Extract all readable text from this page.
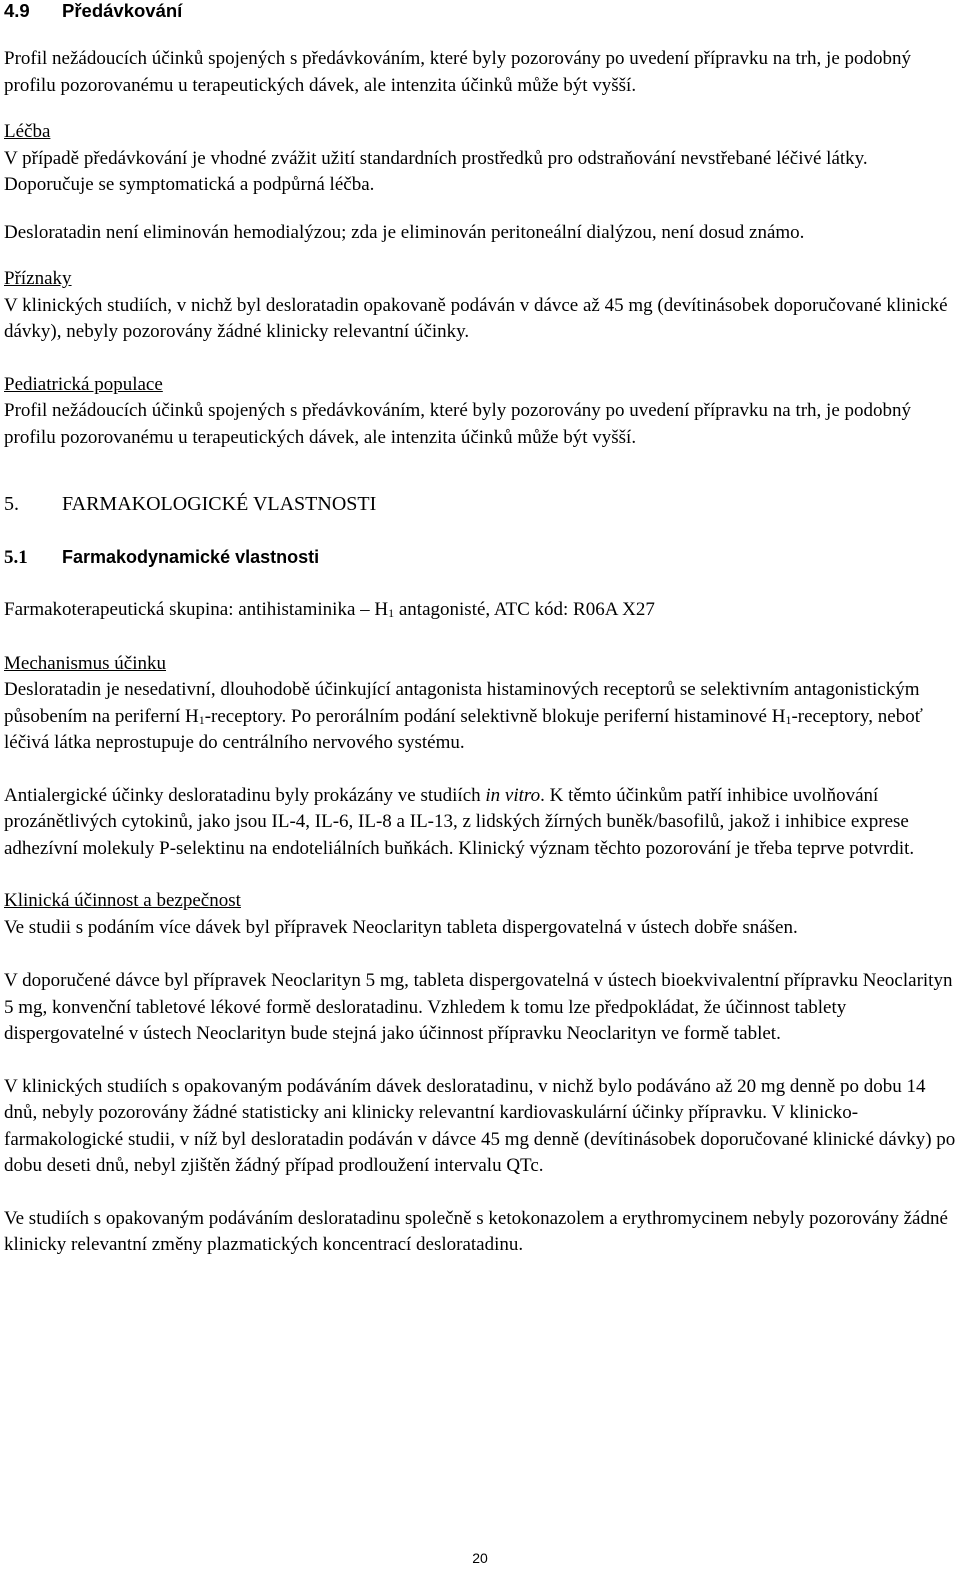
4.9 Předávkování

Profil nežádoucích účinků spojených s předávkováním, které byly pozorovány po uvedení přípravku na trh, je podobný profilu pozorovanému u terapeutických dávek, ale intenzita účinků může být vyšší.

Léčba

V případě předávkování je vhodné zvážit užití standardních prostředků pro odstraňování nevstřebané léčivé látky. Doporučuje se symptomatická a podpůrná léčba.

Desloratadin není eliminován hemodialýzou; zda je eliminován peritoneální dialýzou, není dosud známo.

Příznaky

V klinických studiích, v nichž byl desloratadin opakovaně podáván v dávce až 45 mg (devítinásobek doporučované klinické dávky), nebyly pozorovány žádné klinicky relevantní účinky.

Pediatrická populace

Profil nežádoucích účinků spojených s předávkováním, které byly pozorovány po uvedení přípravku na trh, je podobný profilu pozorovanému u terapeutických dávek, ale intenzita účinků může být vyšší.

5. FARMAKOLOGICKÉ VLASTNOSTI
5.1 Farmakodynamické vlastnosti

Farmakoterapeutická skupina: antihistaminika – $H_1$ antagonisté, ATC kód: R06A X27

Mechanismus účinku

Desloratadin je nesedativní, dlouhodobě účinkující antagonista histaminových receptorů se selektivním antagonistickým působením na periferní $H_1$-receptory. Po perorálním podání selektivně blokuje periferní histaminové $H_1$-receptory, neboť léčivá látka neprostupuje do centrálního nervového systému.

Antialergické účinky desloratadinu byly prokázány ve studiích in vitro. K těmto účinkům patří inhibice uvolňování prozánětlivých cytokinů, jako jsou IL-4, IL-6, IL-8 a IL-13, z lidských žírných buněk/basofilů, jakož i inhibice exprese adhezívní molekuly P-selektinu na endoteliálních buňkách. Klinický význam těchto pozorování je třeba teprve potvrdit.

Klinická účinnost a bezpečnost

Ve studii s podáním více dávek byl přípravek Neoclarityn tableta dispergovatelná v ústech dobře snášen.

V doporučené dávce byl přípravek Neoclarityn 5 mg, tableta dispergovatelná v ústech bioekvivalentní přípravku Neoclarityn 5 mg, konvenční tabletové lékové formě desloratadinu. Vzhledem k tomu lze předpokládat, že účinnost tablety dispergovatelné v ústech Neoclarityn bude stejná jako účinnost přípravku Neoclarityn ve formě tablet.

V klinických studiích s opakovaným podáváním dávek desloratadinu, v nichž bylo podáváno až 20 mg denně po dobu 14 dnů, nebyly pozorovány žádné statisticky ani klinicky relevantní kardiovaskulární účinky přípravku. V klinicko-farmakologické studii, v níž byl desloratadin podáván v dávce 45 mg denně (devítinásobek doporučované klinické dávky) po dobu deseti dnů, nebyl zjištěn žádný případ prodloužení intervalu QTc.

Ve studiích s opakovaným podáváním desloratadinu společně s ketokonazolem a erythromycinem nebyly pozorovány žádné klinicky relevantní změny plazmatických koncentrací desloratadinu.

20
